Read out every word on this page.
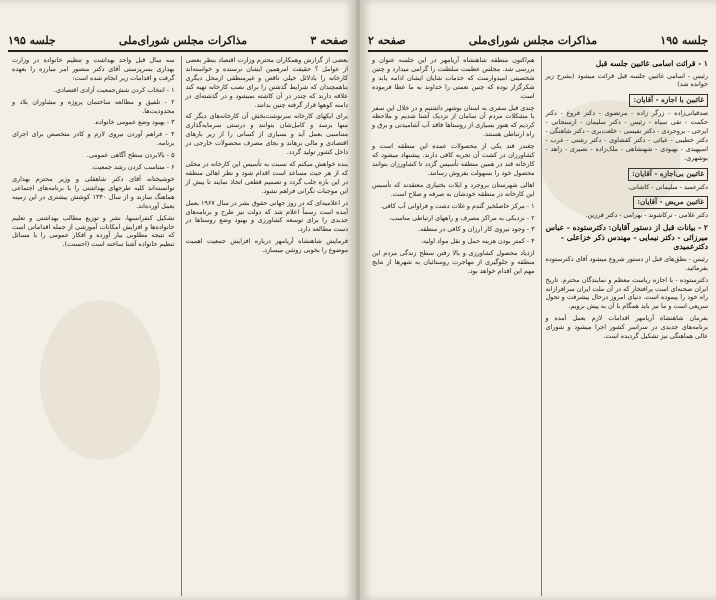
صفحه ۳
مذاکرات مجلس شورای‌ملی
جلسه ۱۹۵

بعضی از گزارش وهمکاران محترم وزارت اقتصاد بنظر بعضی از عوامل ؟ حقیقت امرهمین ایشان نرسنده و خواسته‌اند کارخانه را بادلائل خیلی ناقص و غیرمنطقی ازمحل دیگری بناهمچندان که شرایط گذشتن را برای نصب کارخانه تهیه کند علاقه دارند که چندر در آن کاشته نمیشود و در گذشته‌ای در دامنه کوهها قرار گرفته چنین بدانند.

برای ایکهای کارخانه سرنوشت‌بخش آن کارخانه‌های دیگر که منها برسد و کامل‌شان بتوانند و درستی سرمایه‌گذاری متناسبی بعمل آید و بسیاری از کسانی را از زیر بارهای اقتصادی و مالی برهاند و بجای مصرف محصولات خارجی در داخل کشور تولید گردد.

بنده خواهش میکنم که نسبت به تأسیس این کارخانه در محلی که از هر حیث مساعد است اقدام شود و نظر اهالی منطقه در این باره جلب گردد و تصمیم قطعی اتخاذ نمایند تا بیش از این موجبات نگرانی فراهم نشود.

در اعلامیه‌ای که در روز جهانی حقوق بشر در سال ۱۹۶۷ بعمل آمده است رسماً اعلام شد که دولت نیز طرح و برنامه‌های جدیدی را برای توسعه کشاورزی و بهبود وضع روستاها در دست مطالعه دارد.

فرمایش شاهنشاه آریامهر درباره افزایش جمعیت اهمیت موضوع را بخوبی روشن میسازد.

سه سال قبل واحد بهداشت و تنظیم خانواده در وزارت بهداری بسرپرستی آقای دکتر منصور امر مبارزه را بعهده گرفت و اقدامات زیر انجام شده است:

۱ - انتخاب کردن شش‌جمعیت آزادی اقتصادی.

۲ - تلفیق و مطالعه ساختمان پروژه و مشاوران بلاد و محدودیت‌ها.

۳ - بهبود وضع عمومی خانواده.

۴ - فراهم آوردن نیروی لازم و کادر متخصص برای اجرای برنامه.

۵ - بالابردن سطح آگاهی عمومی.

۶ - متناسب کردن رشد جمعیت.

خوشبختانه آقای دکتر شاهقلی و وزیر محترم بهداری توانسته‌اند کلیه طرحهای بهداشتی را با برنامه‌های اجتماعی هماهنگ سازند و از سال ۱۳۴۰ کوشش بیشتری در این زمینه بعمل آورده‌اند.

تشکیل کنفرانسها، نشر و توزیع مطالب بهداشتی و تعلیم خانواده‌ها و افزایش امکانات آموزشی از جمله اقداماتی است که نتیجه مطلوبی ببار آورده و افکار عمومی را با مسائل تنظیم خانواده آشنا ساخته است (احسنت).

جلسه ۱۹۵
مذاکرات مجلس شورای‌ملی
صفحه ۲
۱ - قرائت اسامی غائبین جلسه قبل

رئیس - اسامی غائبین جلسه قبل قرائت میشود (بشرح زیر خوانده شد)

غائبین با اجازه - آقایان:

صدقیانی‌زاده - زرگر زاده - مرتضوی - دکتر فروغ - دکتر حکمت - تقی سیاه - رئیس - دکتر سلیمان - ارسنجانی - ایرجی - بروجردی - دکتر نفیسی - خلعت‌بری - دکتر شاهنگی - دکتر خطیبی - غیاثی - دکتر کفشاوی - دکتر رشتی - غرب - اسپهبدی - بهبودی - شهنشاهی - ملک‌زاده - نصیری - زاهد - بوشهری.

غائبین بی‌اجازه - آقایان:

دکترعمید - سلیمانی - کاشانی.

غائبین مریض - آقایان:

دکتر غلامی - ترکاشوند - بهرامی - دکتر فرزین.

۲ - بیانات قبل از دستور آقایان: دکترستوده - عباس میرزائی - دکتر نیمایی - مهندس ذکر خزاعلی - دکترعمیدی

رئیس - نطق‌های قبل از دستور شروع میشود آقای دکترستوده بفرمائید.

دکترستوده - با اجازه ریاست معظم و نمایندگان محترم. تاریخ ایران صحنه‌ای است پرافتخار که در آن ملت ایران سرافرازانه راه خود را پیموده است. دنیای امروز درحال پیشرفت و تحول سریعی است و ما نیز باید همگام با آن به پیش برویم.

بفرمان شاهنشاه آریامهر اقدامات لازم بعمل آمده و برنامه‌های جدیدی در سراسر کشور اجرا میشود و شورای عالی هماهنگی نیز تشکیل گردیده است.

هم‌اکنون منطقه شاهنشاه آریامهر در این جلسه عنوان و بررسی شد. مجلس عظمت سلطنت را گرامی میدارد و چنین شخصیتی امیدوارست که خدمات شایان ایشان ادامه یابد و شکرگزار بوده که چنین نعمتی را خداوند به ما عطا فرموده است.

چندی قبل سفری به استان بوشهر داشتیم و در خلال این سفر با مشکلات مردم آن سامان از نزدیک آشنا شدیم و ملاحظه کردیم که هنوز بسیاری از روستاها فاقد آب آشامیدنی و برق و راه ارتباطی هستند.

چغندر قند یکی از محصولات عمده این منطقه است و کشاورزان در کشت آن تجربه کافی دارند. پیشنهاد میشود که کارخانه قند در همین منطقه تأسیس گردد تا کشاورزان بتوانند محصول خود را بسهولت بفروش رسانند.

اهالی شهرستان بروجرد و ایلات بختیاری معتقدند که تأسیس این کارخانه در منطقه خودشان به صرفه و صلاح است.

۱ - مرکز حاصلخیز گندم و غلات دشت و فراوانی آب کافی.

۲ - نزدیکی به مراکز مصرف و راههای ارتباطی مناسب.

۳ - وجود نیروی کار ارزان و کافی در منطقه.

۴ - کمتر بودن هزینه حمل و نقل مواد اولیه.

ازدیاد محصول کشاورزی و بالا رفتن سطح زندگی مردم این منطقه و جلوگیری از مهاجرت روستائیان به شهرها از نتایج مهم این اقدام خواهد بود.
